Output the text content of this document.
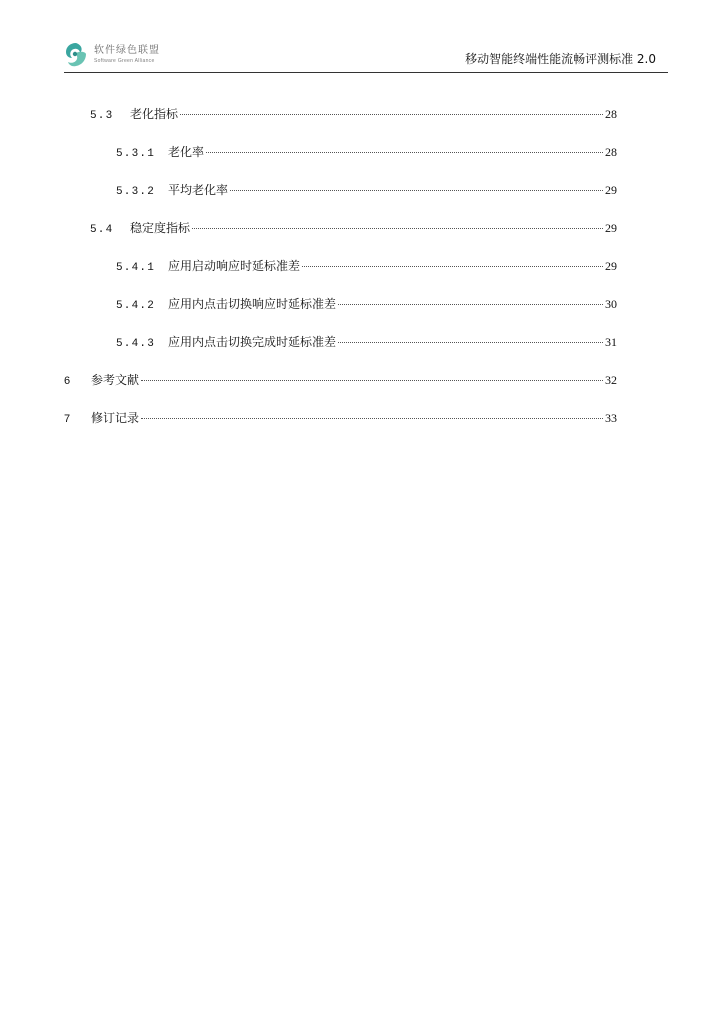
软件绿色联盟
Software Green Alliance	移动智能终端性能流畅评测标准 2.0
5.3	老化指标	28
5.3.1	老化率	28
5.3.2	平均老化率	29
5.4	稳定度指标	29
5.4.1	应用启动响应时延标准差	29
5.4.2	应用内点击切换响应时延标准差	30
5.4.3	应用内点击切换完成时延标准差	31
6	参考文献	32
7	修订记录	33
